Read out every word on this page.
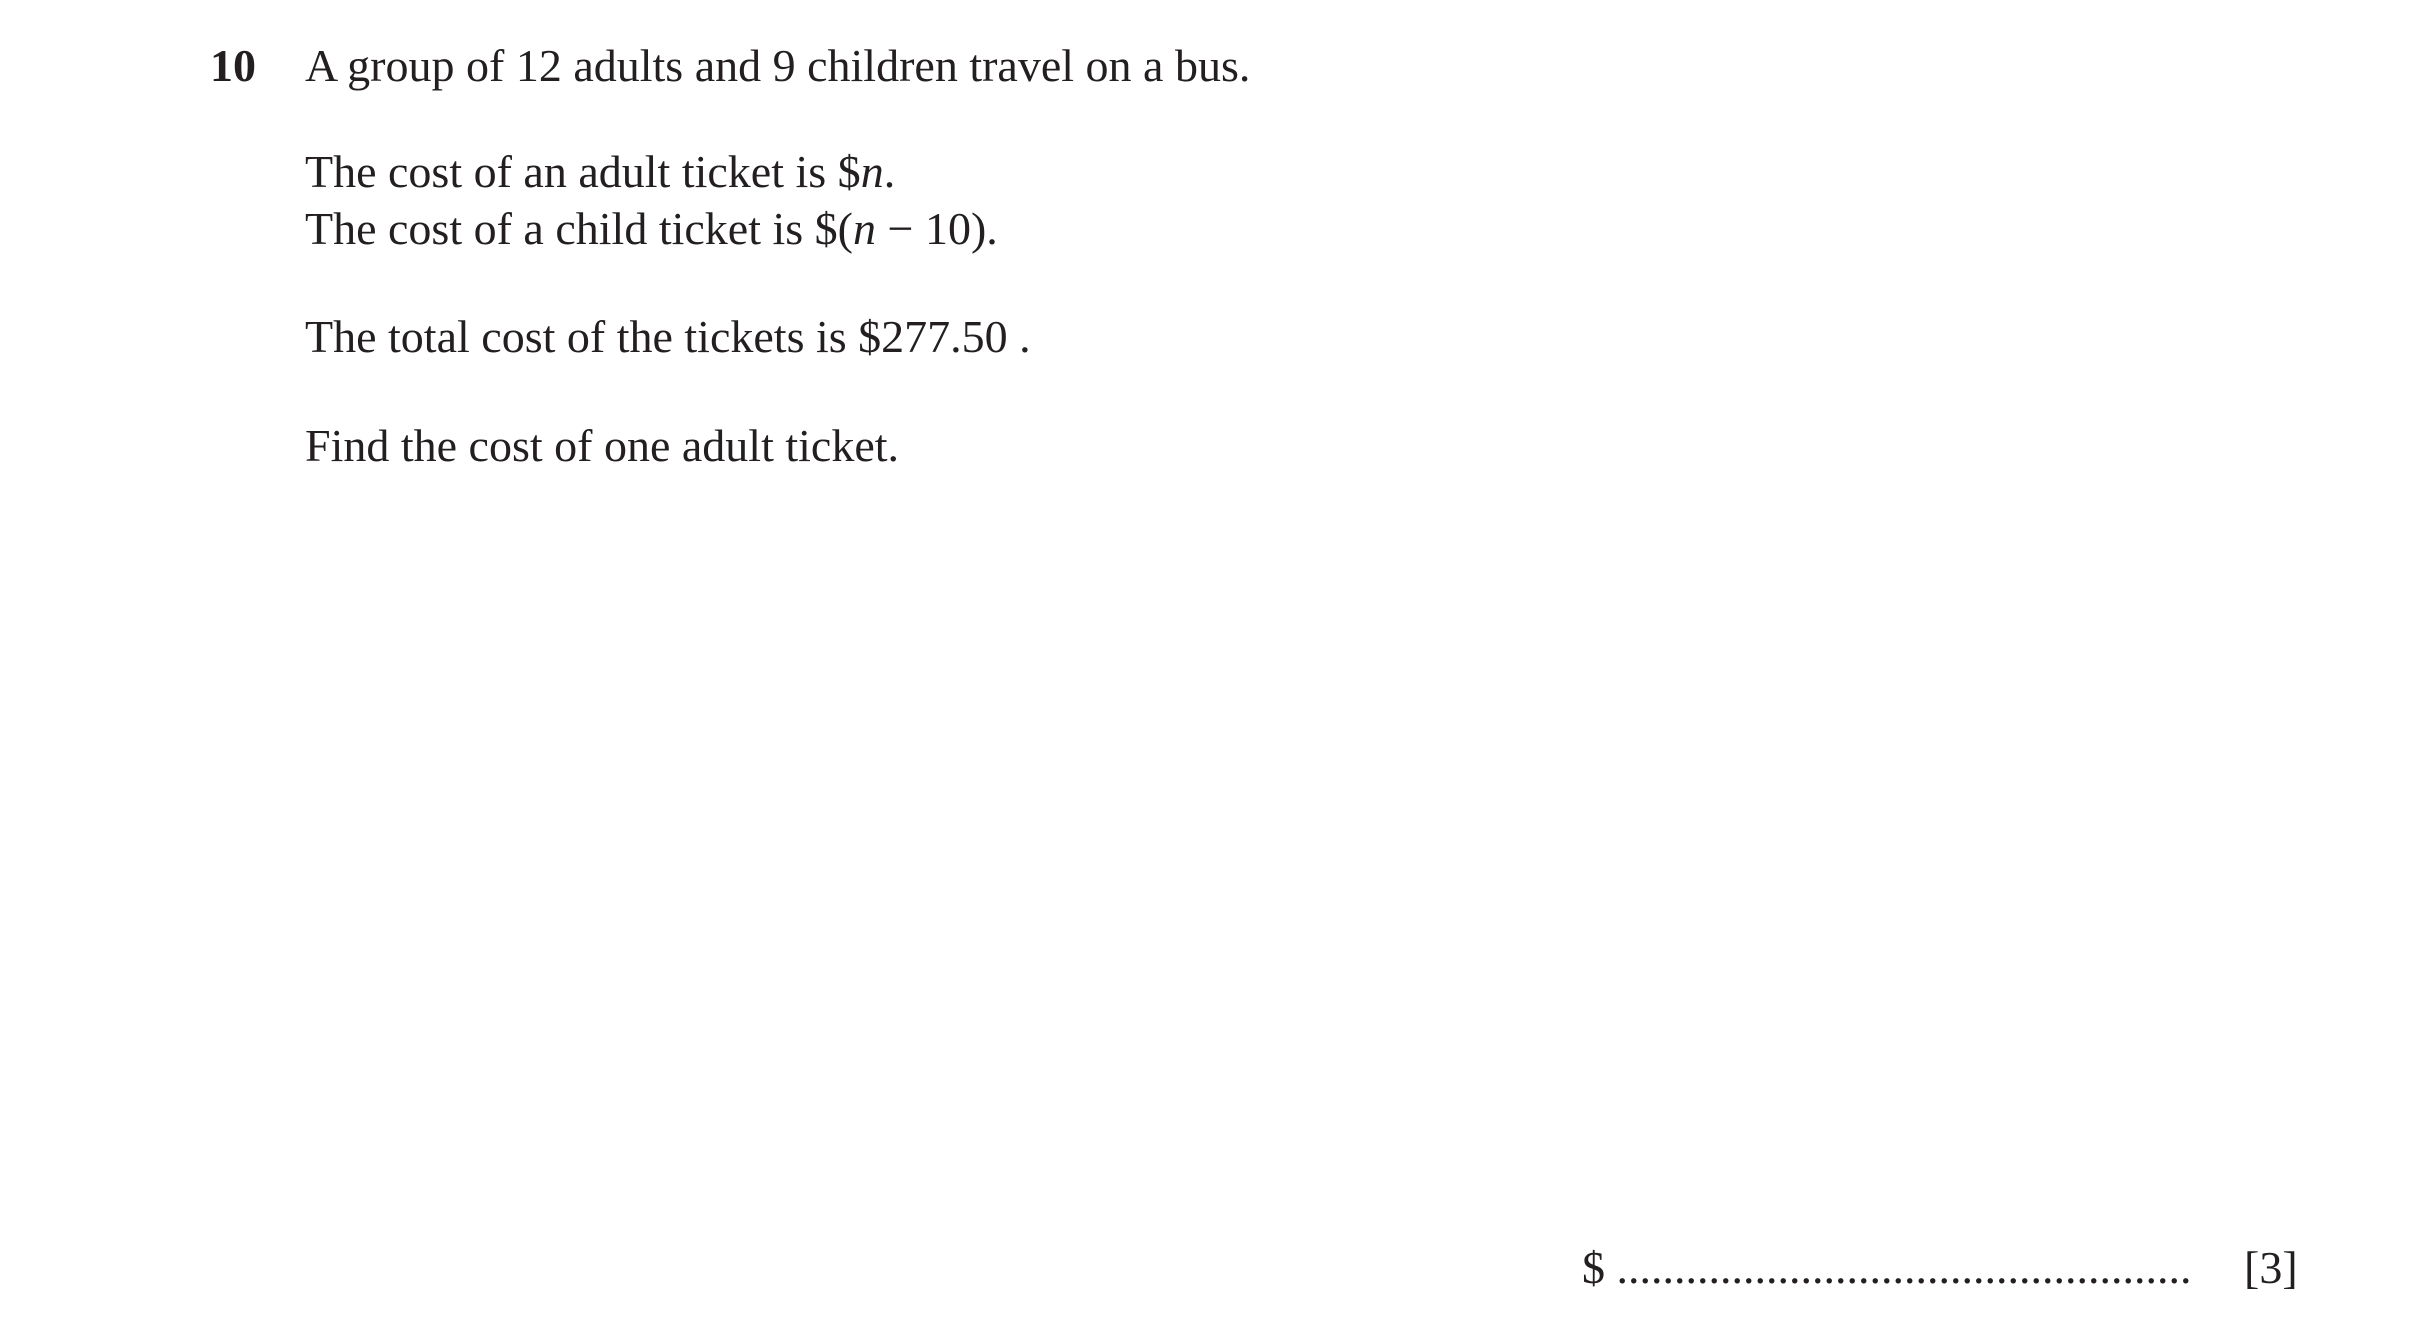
10 A group of 12 adults and 9 children travel on a bus.
The cost of an adult ticket is $n.
The cost of a child ticket is $(n − 10).
The total cost of the tickets is $277.50 .
Find the cost of one adult ticket.
$ .................................................. [3]
